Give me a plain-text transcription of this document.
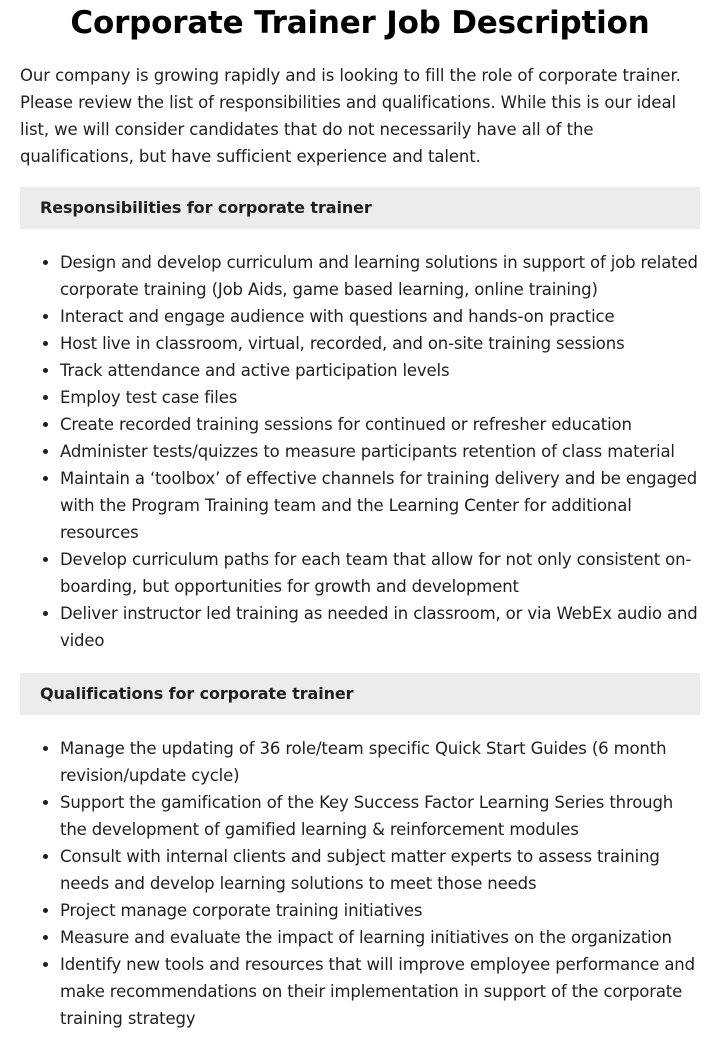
Corporate Trainer Job Description

Our company is growing rapidly and is looking to fill the role of corporate trainer. Please review the list of responsibilities and qualifications. While this is our ideal list, we will consider candidates that do not necessarily have all of the qualifications, but have sufficient experience and talent.

Responsibilities for corporate trainer
• Design and develop curriculum and learning solutions in support of job related corporate training (Job Aids, game based learning, online training)
• Interact and engage audience with questions and hands-on practice
• Host live in classroom, virtual, recorded, and on-site training sessions
• Track attendance and active participation levels
• Employ test case files
• Create recorded training sessions for continued or refresher education
• Administer tests/quizzes to measure participants retention of class material
• Maintain a ‘toolbox’ of effective channels for training delivery and be engaged with the Program Training team and the Learning Center for additional resources
• Develop curriculum paths for each team that allow for not only consistent on-boarding, but opportunities for growth and development
• Deliver instructor led training as needed in classroom, or via WebEx audio and video
Qualifications for corporate trainer
• Manage the updating of 36 role/team specific Quick Start Guides (6 month revision/update cycle)
• Support the gamification of the Key Success Factor Learning Series through the development of gamified learning & reinforcement modules
• Consult with internal clients and subject matter experts to assess training needs and develop learning solutions to meet those needs
• Project manage corporate training initiatives
• Measure and evaluate the impact of learning initiatives on the organization
• Identify new tools and resources that will improve employee performance and make recommendations on their implementation in support of the corporate training strategy
